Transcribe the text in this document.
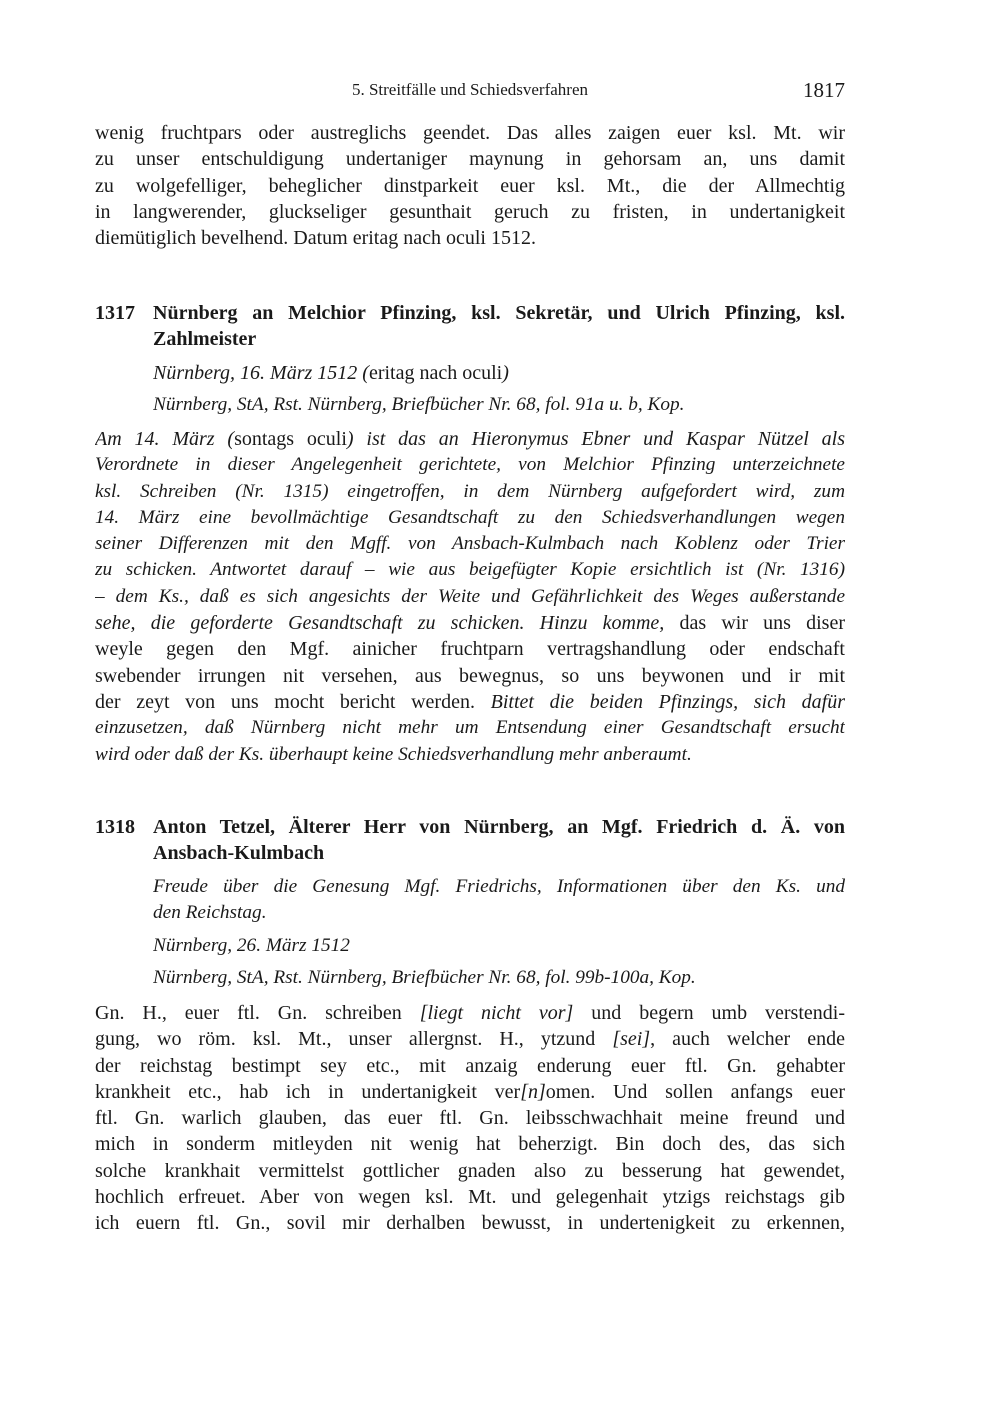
5. Streitfälle und Schiedsverfahren	1817
wenig fruchtpars oder austreglichs geendet. Das alles zaigen euer ksl. Mt. wir
zu unser entschuldigung undertaniger maynung in gehorsam an, uns damit
zu wolgefelliger, beheglicher dinstparkeit euer ksl. Mt., die der Allmechtig
in langwerender, gluckseliger gesunthait geruch zu fristen, in undertanigkeit
diemütiglich bevelhend. Datum eritag nach oculi 1512.
1317 Nürnberg an Melchior Pfinzing, ksl. Sekretär, und Ulrich Pfinzing, ksl.
Zahlmeister
Nürnberg, 16. März 1512 (eritag nach oculi)
Nürnberg, StA, Rst. Nürnberg, Briefbücher Nr. 68, fol. 91a u. b, Kop.
Am 14. März (sontags oculi) ist das an Hieronymus Ebner und Kaspar Nützel als
Verordnete in dieser Angelegenheit gerichtete, von Melchior Pfinzing unterzeichnete
ksl. Schreiben (Nr. 1315) eingetroffen, in dem Nürnberg aufgefordert wird, zum
14. März eine bevollmächtige Gesandtschaft zu den Schiedsverhandlungen wegen
seiner Differenzen mit den Mgff. von Ansbach-Kulmbach nach Koblenz oder Trier
zu schicken. Antwortet darauf – wie aus beigefügter Kopie ersichtlich ist (Nr. 1316)
– dem Ks., daß es sich angesichts der Weite und Gefährlichkeit des Weges außerstande
sehe, die geforderte Gesandtschaft zu schicken. Hinzu komme, das wir uns diser
weyle gegen den Mgf. ainicher fruchtparn vertragshandlung oder endschaft
swebender irrungen nit versehen, aus bewegnus, so uns beywonen und ir mit
der zeyt von uns mocht bericht werden. Bittet die beiden Pfinzings, sich dafür
einzusetzen, daß Nürnberg nicht mehr um Entsendung einer Gesandtschaft ersucht
wird oder daß der Ks. überhaupt keine Schiedsverhandlung mehr anberaumt.
1318 Anton Tetzel, Älterer Herr von Nürnberg, an Mgf. Friedrich d. Ä. von
Ansbach-Kulmbach
Freude über die Genesung Mgf. Friedrichs, Informationen über den Ks. und
den Reichstag.
Nürnberg, 26. März 1512
Nürnberg, StA, Rst. Nürnberg, Briefbücher Nr. 68, fol. 99b-100a, Kop.
Gn. H., euer ftl. Gn. schreiben [liegt nicht vor] und begern umb verstendi-
gung, wo röm. ksl. Mt., unser allergnst. H., ytzund [sei], auch welcher ende
der reichstag bestimpt sey etc., mit anzaig enderung euer ftl. Gn. gehabter
krankheit etc., hab ich in undertanigkeit ver[n]omen. Und sollen anfangs euer
ftl. Gn. warlich glauben, das euer ftl. Gn. leibsschwachhait meine freund und
mich in sonderm mitleyden nit wenig hat beherzigt. Bin doch des, das sich
solche krankhait vermittelst gottlicher gnaden also zu besserung hat gewendet,
hochlich erfreuet. Aber von wegen ksl. Mt. und gelegenhait ytzigs reichstags gib
ich euern ftl. Gn., sovil mir derhalben bewusst, in undertenigkeit zu erkennen,
